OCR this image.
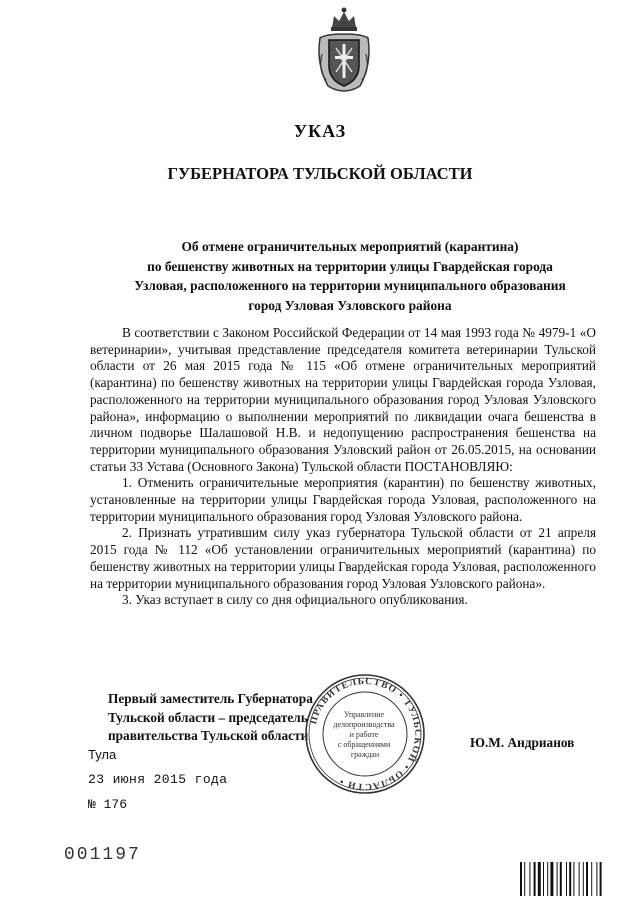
УКАЗ
ГУБЕРНАТОРА ТУЛЬСКОЙ ОБЛАСТИ
Об отмене ограничительных мероприятий (карантина)
по бешенству животных на территории улицы Гвардейская города
Узловая, расположенного на территории муниципального образования
город Узловая Узловского района

В соответствии с Законом Российской Федерации от 14 мая 1993 года № 4979-1 «О ветеринарии», учитывая представление председателя комитета ветеринарии Тульской области от 26 мая 2015 года № 115 «Об отмене ограничительных мероприятий (карантина) по бешенству животных на территории улицы Гвардейская города Узловая, расположенного на территории муниципального образования город Узловая Узловского района», информацию о выполнении мероприятий по ликвидации очага бешенства в личном подворье Шалашовой Н.В. и недопущению распространения бешенства на территории муниципального образования Узловский район от 26.05.2015, на основании статьи 33 Устава (Основного Закона) Тульской области ПОСТАНОВЛЯЮ:

1. Отменить ограничительные мероприятия (карантин) по бешенству животных, установленные на территории улицы Гвардейская города Узловая, расположенного на территории муниципального образования город Узловая Узловского района.

2. Признать утратившим силу указ губернатора Тульской области от 21 апреля 2015 года № 112 «Об установлении ограничительных мероприятий (карантина) по бешенству животных на территории улицы Гвардейская города Узловая, расположенного на территории муниципального образования город Узловая Узловского района».

3. Указ вступает в силу со дня официального опубликования.

Первый заместитель Губернатора
Тульской области – председатель
правительства Тульской области
ПРАВИТЕЛЬСТВО • ТУЛЬСКОЙ • ОБЛАСТИ •
Управление делопроизводства и работе с обращениями граждан
Ю.М. Андрианов
Тула
23 июня 2015 года
№ 176
001197
